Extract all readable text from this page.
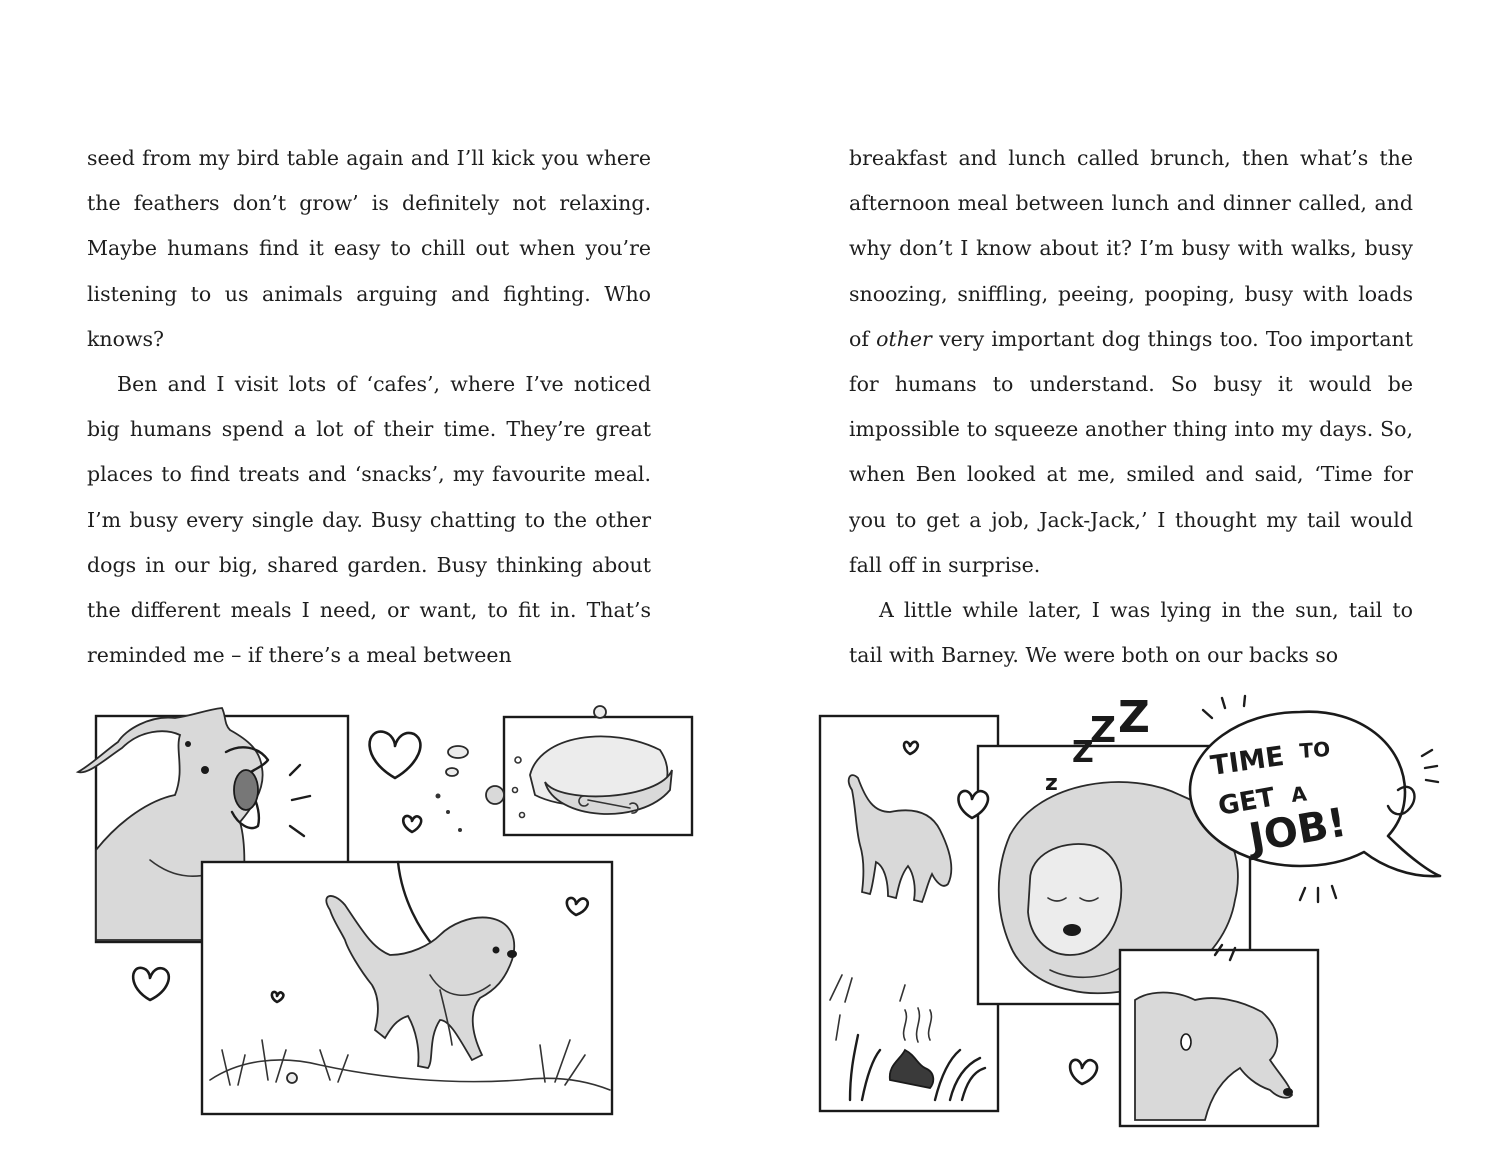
seed from my bird table again and I’ll kick you where the feathers don’t grow’ is definitely not relaxing. Maybe humans find it easy to chill out when you’re listening to us animals arguing and fighting. Who knows?

Ben and I visit lots of ‘cafes’, where I’ve noticed big humans spend a lot of their time. They’re great places to find treats and ‘snacks’, my favourite meal. I’m busy every single day. Busy chatting to the other dogs in our big, shared garden. Busy thinking about the different meals I need, or want, to fit in. That’s reminded me – if there’s a meal between

breakfast and lunch called brunch, then what’s the afternoon meal between lunch and dinner called, and why don’t I know about it? I’m busy with walks, busy snoozing, sniffling, peeing, pooping, busy with loads of other very important dog things too. Too important for humans to understand. So busy it would be impossible to squeeze another thing into my days. So, when Ben looked at me, smiled and said, ‘Time for you to get a job, Jack-Jack,’ I thought my tail would fall off in surprise.

A little while later, I was lying in the sun, tail to tail with Barney. We were both on our backs so

z
Z
Z Z
TIME TO
GET A
JOB!
